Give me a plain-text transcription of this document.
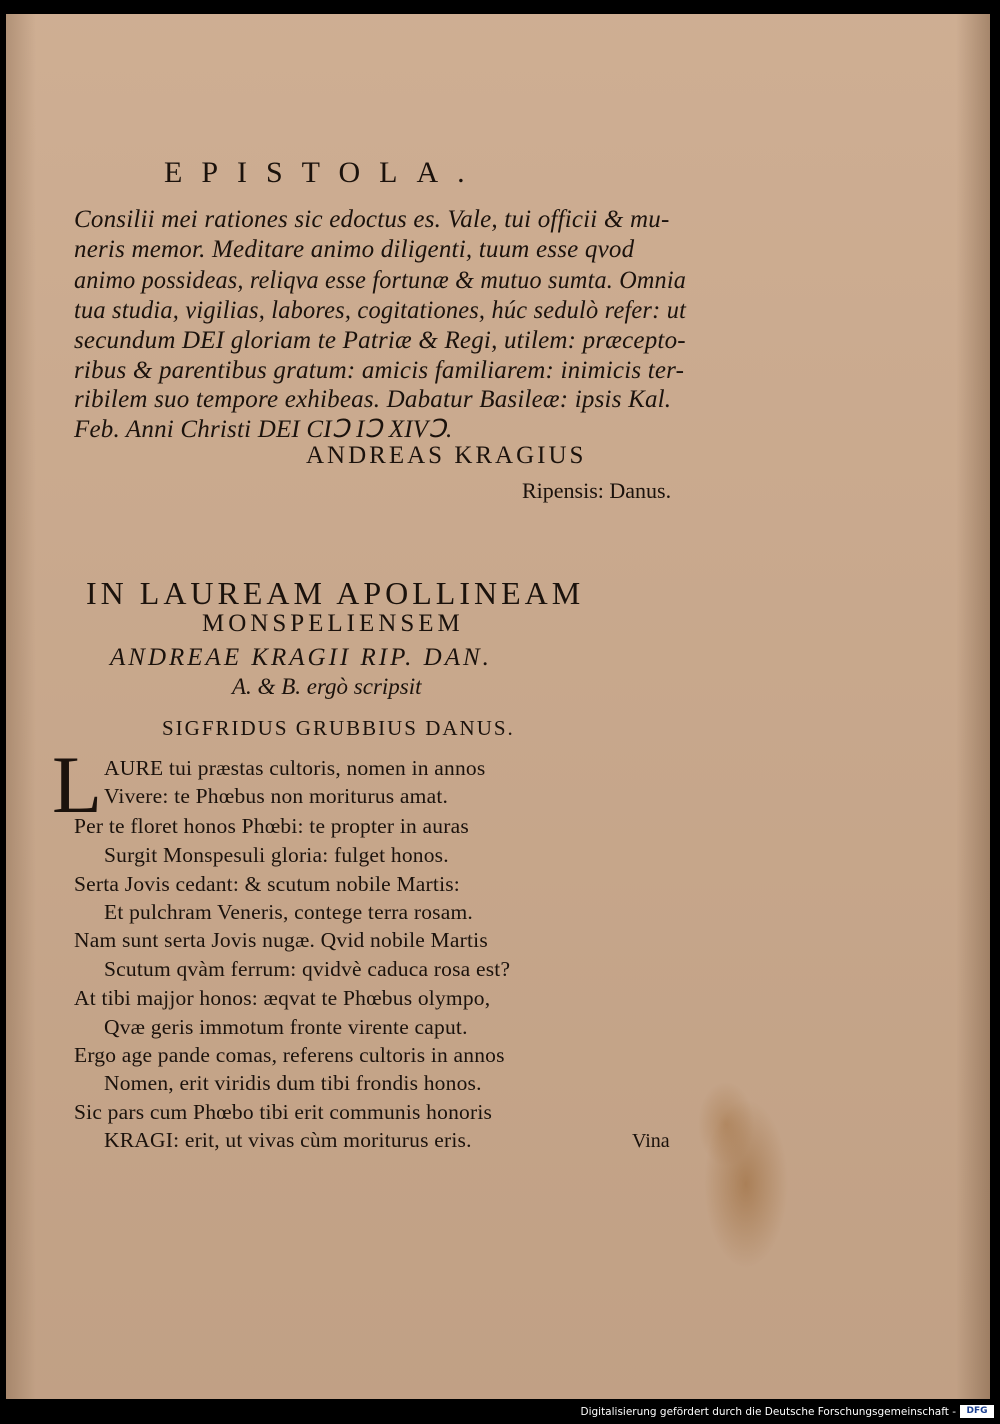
EPISTOLA.
Consilii mei rationes sic edoctus es. Vale, tui officii & mu-
neris memor. Meditare animo diligenti, tuum esse qvod
animo possideas, reliqva esse fortunæ & mutuo sumta. Omnia
tua studia, vigilias, labores, cogitationes, húc sedulò refer: ut
secundum DEI gloriam te Patriæ & Regi, utilem: præcepto-
ribus & parentibus gratum: amicis familiarem: inimicis ter-
ribilem suo tempore exhibeas. Dabatur Basileæ: ipsis Kal.
Feb. Anni Christi DEI CIↃ IↃ XIVↃ.
ANDREAS KRAGIUS
Ripensis: Danus.
IN LAUREAM APOLLINEAM
MONSPELIENSEM
ANDREAE KRAGII RIP. DAN.
A. & B. ergò scripsit
SIGFRIDUS GRUBBIUS DANUS.
L AURE tui præstas cultoris, nomen in annos
Vivere: te Phœbus non moriturus amat.
Per te floret honos Phœbi: te propter in auras
Surgit Monspesuli gloria: fulget honos.
Serta Jovis cedant: & scutum nobile Martis:
Et pulchram Veneris, contege terra rosam.
Nam sunt serta Jovis nugæ. Qvid nobile Martis
Scutum qvàm ferrum: qvidvè caduca rosa est?
At tibi majjor honos: æqvat te Phœbus olympo,
Qvæ geris immotum fronte virente caput.
Ergo age pande comas, referens cultoris in annos
Nomen, erit viridis dum tibi frondis honos.
Sic pars cum Phœbo tibi erit communis honoris
KRAGI: erit, ut vivas cùm moriturus eris.	Vina
Digitalisierung gefördert durch die Deutsche Forschungsgemeinschaft -	DFG
